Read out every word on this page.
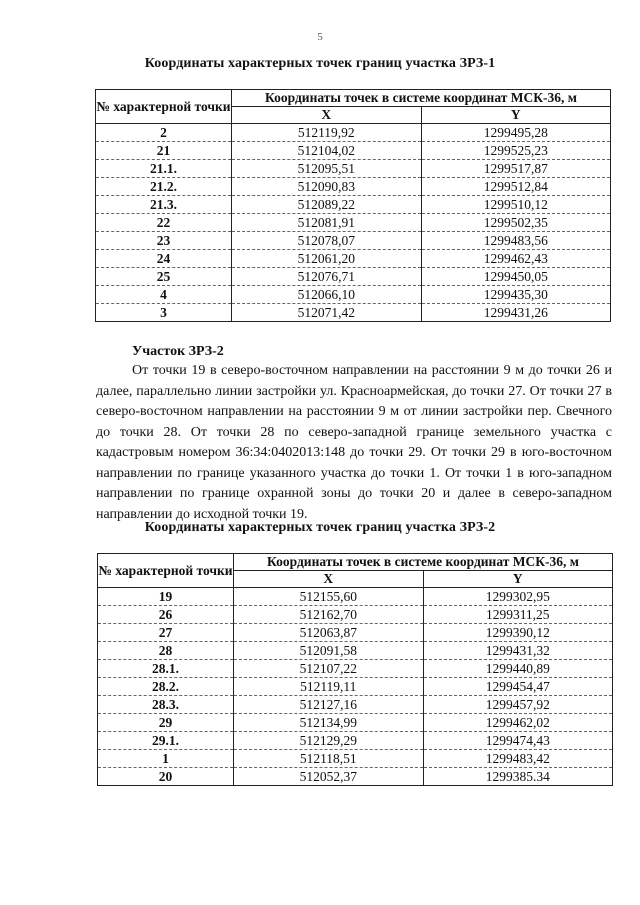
5
Координаты характерных точек границ участка ЗРЗ-1
№ характерной точки	Координаты точек в системе координат МСК-36, м	
	X	Y
2	512119,92	1299495,28
21	512104,02	1299525,23
21.1.	512095,51	1299517,87
21.2.	512090,83	1299512,84
21.3.	512089,22	1299510,12
22	512081,91	1299502,35
23	512078,07	1299483,56
24	512061,20	1299462,43
25	512076,71	1299450,05
4	512066,10	1299435,30
3	512071,42	1299431,26
Участок ЗРЗ-2

От точки 19 в северо-восточном направлении на расстоянии 9 м до точки 26 и далее, параллельно линии застройки ул. Красноармейская, до точки 27. От точки 27 в северо-восточном направлении на расстоянии 9 м от линии застройки пер. Свечного до точки 28. От точки 28 по северо-западной границе земельного участка с кадастровым номером 36:34:0402013:148 до точки 29. От точки 29 в юго-восточном направлении по границе указанного участка до точки 1. От точки 1 в юго-западном направлении по границе охранной зоны до точки 20 и далее в северо-западном направлении до исходной точки 19.

Координаты характерных точек границ участка ЗРЗ-2
№ характерной точки	Координаты точек в системе координат МСК-36, м	
	X	Y
19	512155,60	1299302,95
26	512162,70	1299311,25
27	512063,87	1299390,12
28	512091,58	1299431,32
28.1.	512107,22	1299440,89
28.2.	512119,11	1299454,47
28.3.	512127,16	1299457,92
29	512134,99	1299462,02
29.1.	512129,29	1299474,43
1	512118,51	1299483,42
20	512052,37	1299385.34
